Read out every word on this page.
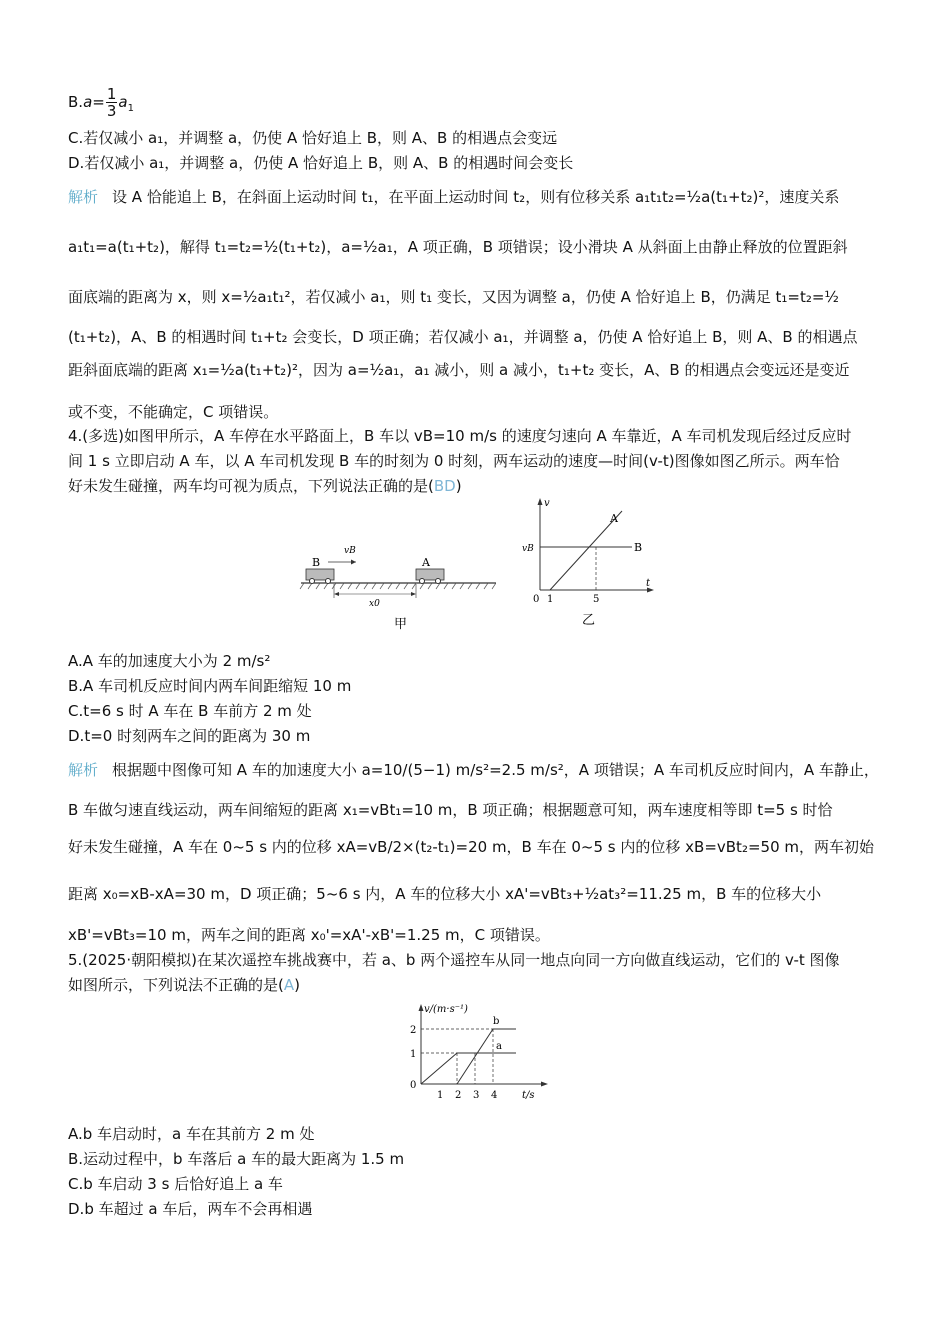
$B.a= \frac{1}{3} a_1$
C.若仅减小 a₁，并调整 a，仍使 A 恰好追上 B，则 A、B 的相遇点会变远
D.若仅减小 a₁，并调整 a，仍使 A 恰好追上 B，则 A、B 的相遇时间会变长
解析 设 A 恰能追上 B，在斜面上运动时间 t₁，在平面上运动时间 t₂，则有位移关系 a₁t₁t₂=½a(t₁+t₂)²，速度关系
a₁t₁=a(t₁+t₂)，解得 t₁=t₂=½(t₁+t₂)，a=½a₁，A 项正确，B 项错误；设小滑块 A 从斜面上由静止释放的位置距斜
面底端的距离为 x，则 x=½a₁t₁²，若仅减小 a₁，则 t₁ 变长，又因为调整 a，仍使 A 恰好追上 B，仍满足 t₁=t₂=½
(t₁+t₂)，A、B 的相遇时间 t₁+t₂ 会变长，D 项正确；若仅减小 a₁，并调整 a，仍使 A 恰好追上 B，则 A、B 的相遇点
距斜面底端的距离 x₁=½a(t₁+t₂)²，因为 a=½a₁，a₁ 减小，则 a 减小，t₁+t₂ 变长，A、B 的相遇点会变远还是变近
或不变，不能确定，C 项错误。
4.(多选)如图甲所示，A 车停在水平路面上，B 车以 vB=10 m/s 的速度匀速向 A 车靠近，A 车司机发现后经过反应时
间 1 s 立即启动 A 车，以 A 车司机发现 B 车的时刻为 0 时刻，两车运动的速度—时间(v-t)图像如图乙所示。两车恰
好未发生碰撞，两车均可视为质点，下列说法正确的是(BD)
B
vB
A
x0
甲
v
t
B
vB
A
0 1	5
乙
A.A 车的加速度大小为 2 m/s²
B.A 车司机反应时间内两车间距缩短 10 m
C.t=6 s 时 A 车在 B 车前方 2 m 处
D.t=0 时刻两车之间的距离为 30 m
解析 根据题中图像可知 A 车的加速度大小 a=10/(5−1) m/s²=2.5 m/s²，A 项错误；A 车司机反应时间内，A 车静止，
B 车做匀速直线运动，两车间缩短的距离 x₁=vBt₁=10 m，B 项正确；根据题意可知，两车速度相等即 t=5 s 时恰
好未发生碰撞，A 车在 0~5 s 内的位移 xA=vB/2×(t₂-t₁)=20 m，B 车在 0~5 s 内的位移 xB=vBt₂=50 m，两车初始
距离 x₀=xB-xA=30 m，D 项正确；5~6 s 内，A 车的位移大小 xA'=vBt₃+½at₃²=11.25 m，B 车的位移大小
xB'=vBt₃=10 m，两车之间的距离 x₀'=xA'-xB'=1.25 m，C 项错误。
5.(2025·朝阳模拟)在某次遥控车挑战赛中，若 a、b 两个遥控车从同一地点向同一方向做直线运动，它们的 v-t 图像
如图所示，下列说法不正确的是(A)
v/(m·s⁻¹)
t/s
2
1
0
1 2 3 4
a
b
A.b 车启动时，a 车在其前方 2 m 处
B.运动过程中，b 车落后 a 车的最大距离为 1.5 m
C.b 车启动 3 s 后恰好追上 a 车
D.b 车超过 a 车后，两车不会再相遇
